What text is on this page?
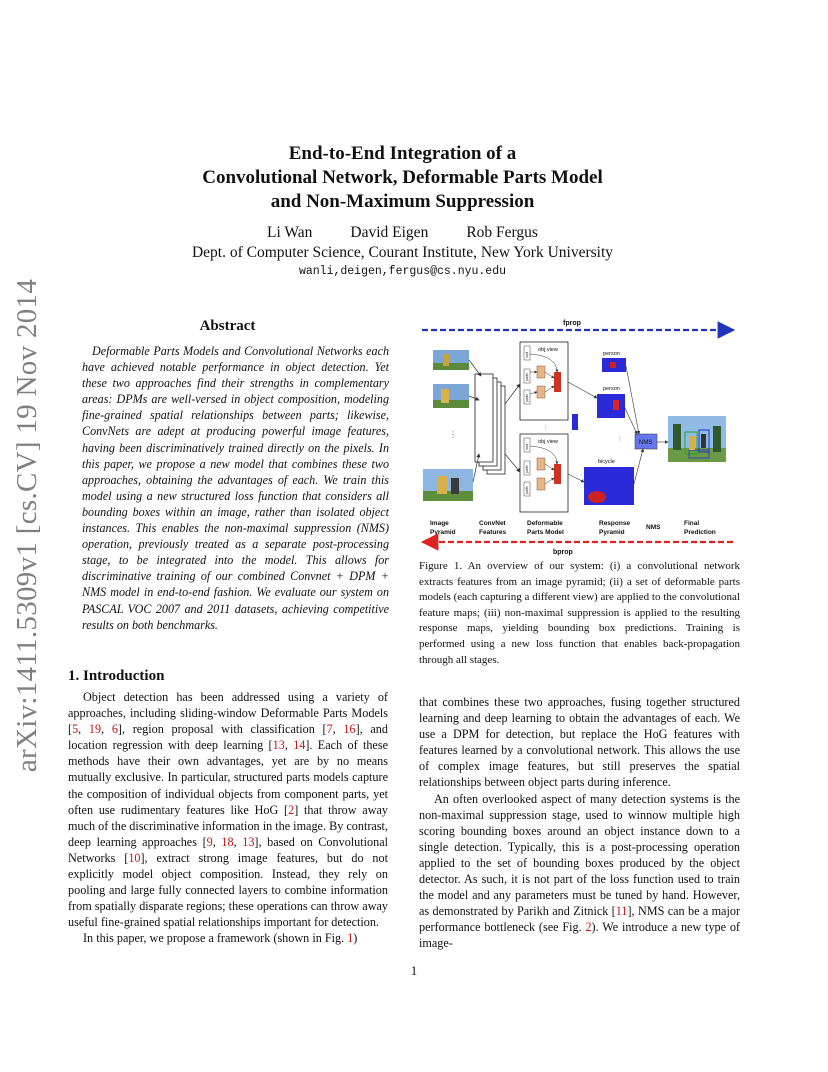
arXiv:1411.5309v1 [cs.CV] 19 Nov 2014
End-to-End Integration of a
Convolutional Network, Deformable Parts Model
and Non-Maximum Suppression
Li Wan David Eigen Rob Fergus
Dept. of Computer Science, Courant Institute, New York University
wanli,deigen,fergus@cs.nyu.edu
Abstract
Deformable Parts Models and Convolutional Networks each have achieved notable performance in object detection. Yet these two approaches find their strengths in complementary areas: DPMs are well-versed in object composition, modeling fine-grained spatial relationships between parts; likewise, ConvNets are adept at producing powerful image features, having been discriminatively trained directly on the pixels. In this paper, we propose a new model that combines these two approaches, obtaining the advantages of each. We train this model using a new structured loss function that considers all bounding boxes within an image, rather than isolated object instances. This enables the non-maximal suppression (NMS) operation, previously treated as a separate post-processing stage, to be integrated into the model. This allows for discriminative training of our combined Convnet + DPM + NMS model in end-to-end fashion. We evaluate our system on PASCAL VOC 2007 and 2011 datasets, achieving competitive results on both benchmarks.
1. Introduction

Object detection has been addressed using a variety of approaches, including sliding-window Deformable Parts Models [5, 19, 6], region proposal with classification [7, 16], and location regression with deep learning [13, 14]. Each of these methods have their own advantages, yet are by no means mutually exclusive. In particular, structured parts models capture the composition of individual objects from component parts, yet often use rudimentary features like HoG [2] that throw away much of the discriminative information in the image. By contrast, deep learning approaches [9, 18, 13], based on Convolutional Networks [10], extract strong image features, but do not explicitly model object composition. Instead, they rely on pooling and large fully connected layers to combine information from spatially disparate regions; these operations can throw away useful fine-grained spatial relationships important for detection.

In this paper, we propose a framework (shown in Fig. 1)

that combines these two approaches, fusing together structured learning and deep learning to obtain the advantages of each. We use a DPM for detection, but replace the HoG features with features learned by a convolutional network. This allows the use of complex image features, but still preserves the spatial relationships between object parts during inference.

An often overlooked aspect of many detection systems is the non-maximal suppression stage, used to winnow multiple high scoring bounding boxes around an object instance down to a single detection. Typically, this is a post-processing operation applied to the set of bounding boxes produced by the object detector. As such, it is not part of the loss function used to train the model and any parameters must be tuned by hand. However, as demonstrated by Parikh and Zitnick [11], NMS can be a major performance bottleneck (see Fig. 2). We introduce a new type of image-

fprop
⋮
obj view
root
parts
parts
⋮
obj view
root
parts
parts
person
person
⋮
bicycle
NMS
Image
Pyramid
ConvNet
Features
Deformable
Parts Model
Response
Pyramid
NMS
Final
Prediction
bprop
Figure 1. An overview of our system: (i) a convolutional network extracts features from an image pyramid; (ii) a set of deformable parts models (each capturing a different view) are applied to the convolutional feature maps; (iii) non-maximal suppression is applied to the resulting response maps, yielding bounding box predictions. Training is performed using a new loss function that enables back-propagation through all stages.
1
